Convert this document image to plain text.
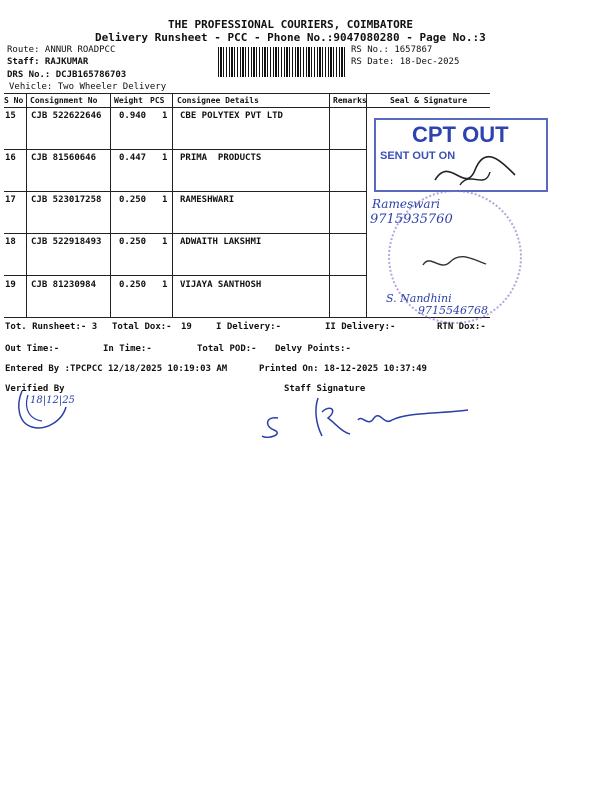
THE PROFESSIONAL COURIERS, COIMBATORE
Delivery Runsheet - PCC - Phone No.:9047080280 - Page No.:3
Route: ANNUR ROADPCC
Staff: RAJKUMAR
DRS No.: DCJB165786703
Vehicle: Two Wheeler Delivery
RS No.: 1657867
RS Date: 18-Dec-2025
S No Consignment No Weight PCS Consignee Details	Remarks	Seal & Signature
15 CJB 522622646 0.940 1 CBE POLYTEX PVT LTD
16 CJB 81560646	0.447 1 PRIMA  PRODUCTS
17 CJB 523017258 0.250 1 RAMESHWARI
18 CJB 522918493 0.250 1 ADWAITH LAKSHMI
19 CJB 81230984	0.250 1 VIJAYA SANTHOSH
CPT OUT
SENT OUT ON
Rameswari
9715935760
S. Nandhini
9715546768
Tot. Runsheet:- 3 Total Dox:- 19	I Delivery:-	II Delivery:-	RTN Dox:-
Out Time:-	In Time:-	Total POD:- Delvy Points:-
Entered By :TPCPCC 12/18/2025 10:19:03 AM	Printed On: 18-12-2025 10:37:49
Verified By	Staff Signature
18|12|25
